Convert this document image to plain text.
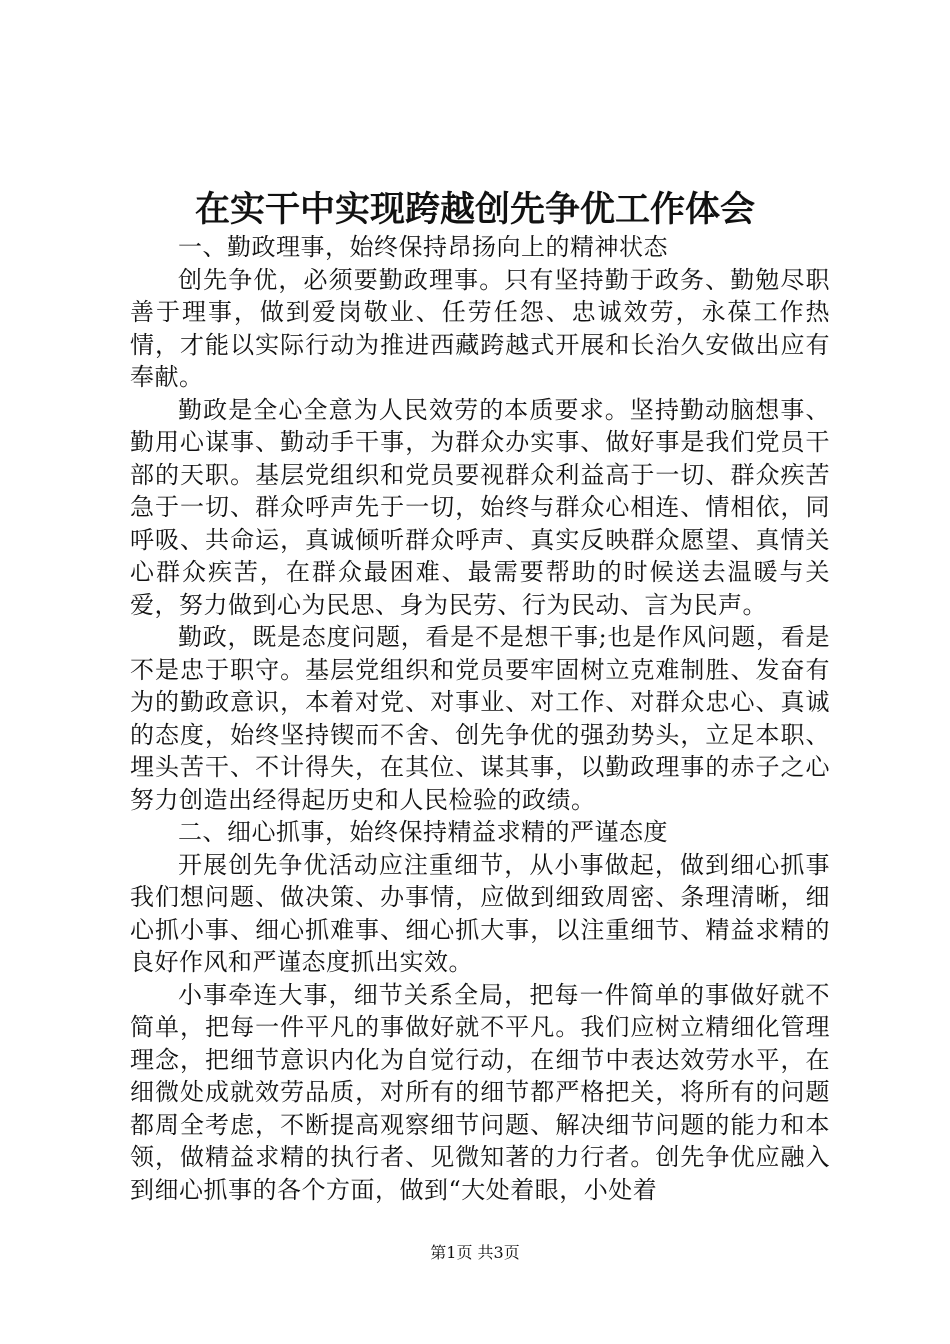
在实干中实现跨越创先争优工作体会

一、勤政理事，始终保持昂扬向上的精神状态

创先争优，必须要勤政理事。只有坚持勤于政务、勤勉尽职善于理事，做到爱岗敬业、任劳任怨、忠诚效劳，永葆工作热情，才能以实际行动为推进西藏跨越式开展和长治久安做出应有奉献。

勤政是全心全意为人民效劳的本质要求。坚持勤动脑想事、勤用心谋事、勤动手干事，为群众办实事、做好事是我们党员干部的天职。基层党组织和党员要视群众利益高于一切、群众疾苦急于一切、群众呼声先于一切，始终与群众心相连、情相依，同呼吸、共命运，真诚倾听群众呼声、真实反映群众愿望、真情关心群众疾苦，在群众最困难、最需要帮助的时候送去温暖与关爱，努力做到心为民思、身为民劳、行为民动、言为民声。

勤政，既是态度问题，看是不是想干事;也是作风问题，看是不是忠于职守。基层党组织和党员要牢固树立克难制胜、发奋有为的勤政意识，本着对党、对事业、对工作、对群众忠心、真诚的态度，始终坚持锲而不舍、创先争优的强劲势头，立足本职、埋头苦干、不计得失，在其位、谋其事，以勤政理事的赤子之心努力创造出经得起历史和人民检验的政绩。

二、细心抓事，始终保持精益求精的严谨态度

开展创先争优活动应注重细节，从小事做起，做到细心抓事我们想问题、做决策、办事情，应做到细致周密、条理清晰，细心抓小事、细心抓难事、细心抓大事，以注重细节、精益求精的良好作风和严谨态度抓出实效。

小事牵连大事，细节关系全局，把每一件简单的事做好就不简单，把每一件平凡的事做好就不平凡。我们应树立精细化管理理念，把细节意识内化为自觉行动，在细节中表达效劳水平，在细微处成就效劳品质，对所有的细节都严格把关，将所有的问题都周全考虑，不断提高观察细节问题、解决细节问题的能力和本领，做精益求精的执行者、见微知著的力行者。创先争优应融入到细心抓事的各个方面，做到“大处着眼，小处着

第1页 共3页
